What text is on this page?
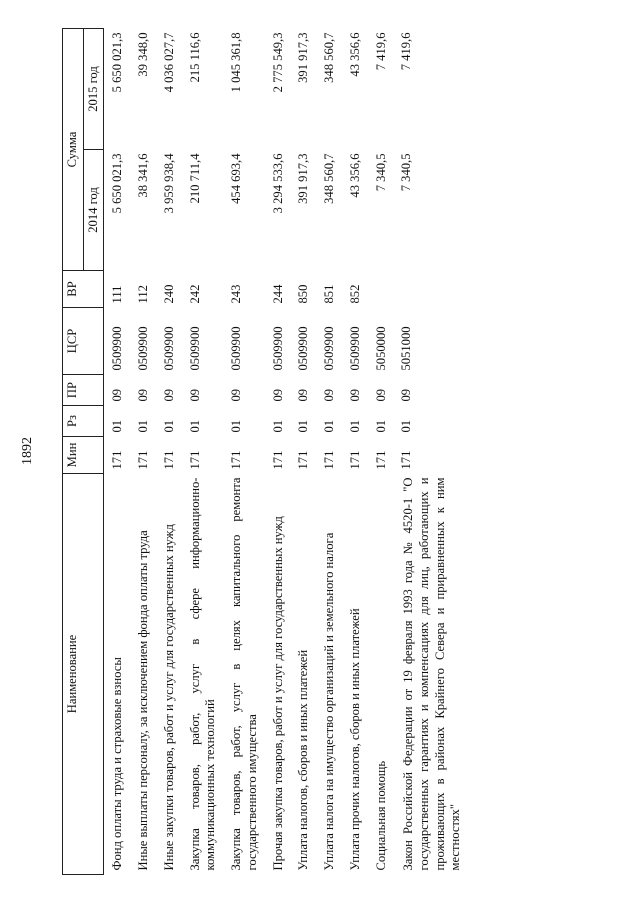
1892
Наименование	Мин	Рз	ПР	ЦСР	ВР	Сумма	
						2014 год	2015 год
Фонд оплаты труда и страховые взносы	171	01	09	0509900	111	5 650 021,3	5 650 021,3
Иные выплаты персоналу, за исключением фонда оплаты труда	171	01	09	0509900	112	38 341,6	39 348,0
Иные закупки товаров, работ и услуг для государственных нужд	171	01	09	0509900	240	3 959 938,4	4 036 027,7
Закупка товаров, работ, услуг в сфере информационно-коммуникационных технологий	171	01	09	0509900	242	210 711,4	215 116,6
Закупка товаров, работ, услуг в целях капитального ремонта государственного имущества	171	01	09	0509900	243	454 693,4	1 045 361,8
Прочая закупка товаров, работ и услуг для государственных нужд	171	01	09	0509900	244	3 294 533,6	2 775 549,3
Уплата налогов, сборов и иных платежей	171	01	09	0509900	850	391 917,3	391 917,3
Уплата налога на имущество организаций и земельного налога	171	01	09	0509900	851	348 560,7	348 560,7
Уплата прочих налогов, сборов и иных платежей	171	01	09	0509900	852	43 356,6	43 356,6
Социальная помощь	171	01	09	5050000		7 340,5	7 419,6
Закон Российской Федерации от 19 февраля 1993 года № 4520-1 "О государственных гарантиях и компенсациях для лиц, работающих и проживающих в районах Крайнего Севера и приравненных к ним местностях"	171	01	09	5051000		7 340,5	7 419,6
